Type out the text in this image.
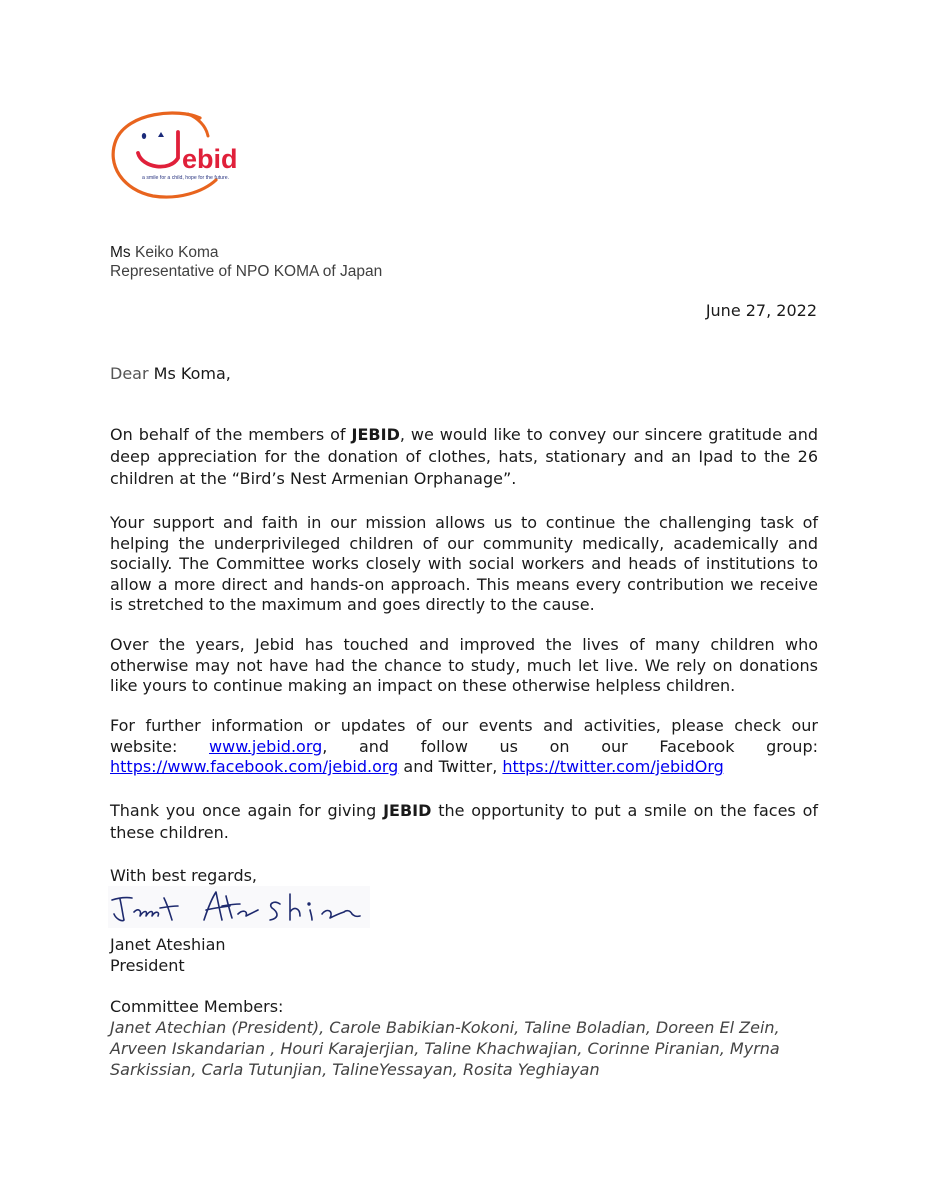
ebid
a smile for a child, hope for the future.
Ms Keiko Koma
Representative of NPO KOMA of Japan
June 27, 2022
Dear Ms Koma,
On behalf of the members of JEBID, we would like to convey our sincere gratitude and deep appreciation for the donation of clothes, hats, stationary and an Ipad to the 26 children at the “Bird’s Nest Armenian Orphanage”.
Your support and faith in our mission allows us to continue the challenging task of helping the underprivileged children of our community medically, academically and socially. The Committee works closely with social workers and heads of institutions to allow a more direct and hands-on approach. This means every contribution we receive is stretched to the maximum and goes directly to the cause.
Over the years, Jebid has touched and improved the lives of many children who otherwise may not have had the chance to study, much let live. We rely on donations like yours to continue making an impact on these otherwise helpless children.
For further information or updates of our events and activities, please check our website: www.jebid.org, and follow us on our Facebook group: https://www.facebook.com/jebid.org and Twitter, https://twitter.com/jebidOrg
Thank you once again for giving JEBID the opportunity to put a smile on the faces of these children.
With best regards,
Janet Ateshian
President
Committee Members:
Janet Atechian (President), Carole Babikian-Kokoni, Taline Boladian, Doreen El Zein, Arveen Iskandarian , Houri Karajerjian, Taline Khachwajian, Corinne Piranian, Myrna Sarkissian, Carla Tutunjian, TalineYessayan, Rosita Yeghiayan
